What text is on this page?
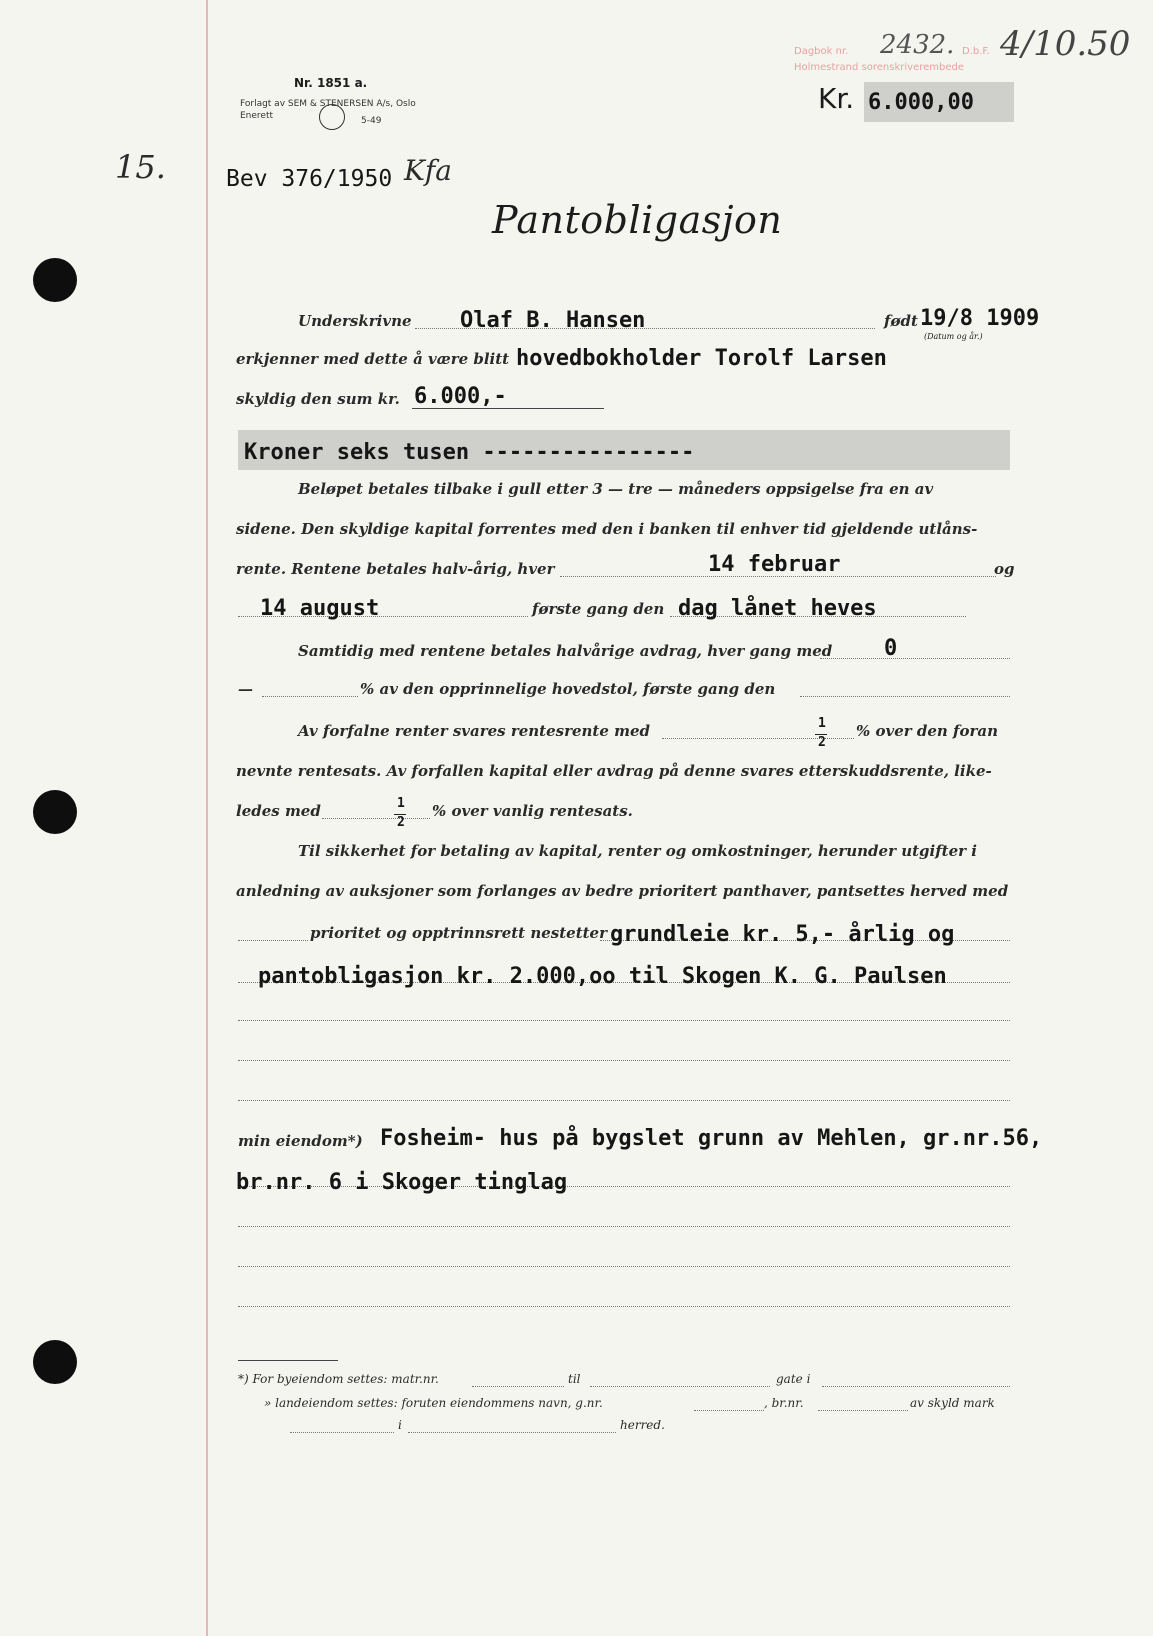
Nr. 1851 a.
Forlagt av SEM & STENERSEN A/s, Oslo
Enerett	5-49
Dagbok nr. 2432. D.b.F.
Holmestrand sorenskriverembede
4/10.50
Kr. 6.000,00
15.	Bev 376/1950 Kfa
Pantobligasjon
Underskrivne Olaf B. Hansen	født 19/8 1909
(Datum og år.)
erkjenner med dette å være blitt hovedbokholder Torolf Larsen
skyldig den sum kr. 6.000,-
Kroner seks tusen ----------------
Beløpet betales tilbake i gull etter 3 — tre — måneders oppsigelse fra en av
sidene. Den skyldige kapital forrentes med den i banken til enhver tid gjeldende utlåns-
rente. Rentene betales halv-årig, hver	14 februar	og
14 august	første gang den dag lånet heves
Samtidig med rentene betales halvårige avdrag, hver gang med 0
—	% av den opprinnelige hovedstol, første gang den
Av forfalne renter svares rentesrente med	1
2
% over den foran
nevnte rentesats. Av forfallen kapital eller avdrag på denne svares etterskuddsrente, like-
ledes med	1
2
% over vanlig rentesats.
Til sikkerhet for betaling av kapital, renter og omkostninger, herunder utgifter i
anledning av auksjoner som forlanges av bedre prioritert panthaver, pantsettes herved med
prioritet og opptrinnsrett nestetter grundleie kr. 5,- årlig og
pantobligasjon kr. 2.000,oo til Skogen K. G. Paulsen
min eiendom*) Fosheim- hus på bygslet grunn av Mehlen, gr.nr.56,
br.nr. 6 i Skoger tinglag
*) For byeiendom settes: matr.nr.	til	gate i
» landeiendom settes: foruten eiendommens navn, g.nr.	, br.nr.	av skyld mark
i	herred.
